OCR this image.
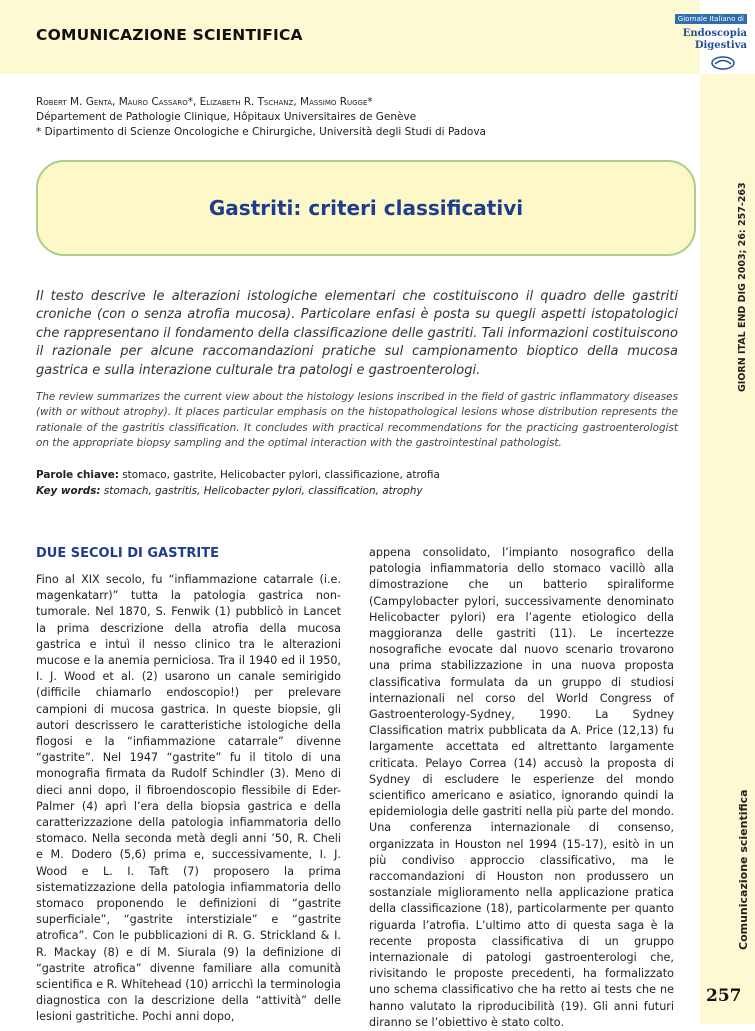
COMUNICAZIONE SCIENTIFICA
Giornale Italiano di
Endoscopia
Digestiva
GIORN ITAL END DIG 2003; 26: 257-263
Comunicazione scientifica
257
Robert M. Genta, Mauro Cassaro*, Elizabeth R. Tschanz, Massimo Rugge*
Département de Pathologie Clinique, Hôpitaux Universitaires de Genève
* Dipartimento di Scienze Oncologiche e Chirurgiche, Università degli Studi di Padova
Gastriti: criteri classificativi

Il testo descrive le alterazioni istologiche elementari che costituiscono il quadro delle gastriti croniche (con o senza atrofia mucosa). Particolare enfasi è posta su quegli aspetti istopatologici che rappresentano il fondamento della classificazione delle gastriti. Tali informazioni costituiscono il razionale per alcune raccomandazioni pratiche sul campionamento bioptico della mucosa gastrica e sulla interazione culturale tra patologi e gastroenterologi.

The review summarizes the current view about the histology lesions inscribed in the field of gastric inflammatory diseases (with or without atrophy). It places particular emphasis on the histopathological lesions whose distribution represents the rationale of the gastritis classification. It concludes with practical recommendations for the practicing gastroenterologist on the appropriate biopsy sampling and the optimal interaction with the gastrointestinal pathologist.

Parole chiave: stomaco, gastrite, Helicobacter pylori, classificazione, atrofia
Key words: stomach, gastritis, Helicobacter pylori, classification, atrophy
DUE SECOLI DI GASTRITE

Fino al XIX secolo, fu “infiammazione catarrale (i.e. magenkatarr)” tutta la patologia gastrica non-tumorale. Nel 1870, S. Fenwik (1) pubblicò in Lancet la prima descrizione della atrofia della mucosa gastrica e intuì il nesso clinico tra le alterazioni mucose e la anemia perniciosa. Tra il 1940 ed il 1950, I. J. Wood et al. (2) usarono un canale semirigido (difficile chiamarlo endoscopio!) per prelevare campioni di mucosa gastrica. In queste biopsie, gli autori descrissero le caratteristiche istologiche della flogosi e la “infiammazione catarrale” divenne “gastrite”. Nel 1947 “gastrite” fu il titolo di una monografia firmata da Rudolf Schindler (3). Meno di dieci anni dopo, il fibroendoscopio flessibile di Eder-Palmer (4) aprì l’era della biopsia gastrica e della caratterizzazione della patologia infiammatoria dello stomaco. Nella seconda metà degli anni ’50, R. Cheli e M. Dodero (5,6) prima e, successivamente, I. J. Wood e L. I. Taft (7) proposero la prima sistematizzazione della patologia infiammatoria dello stomaco proponendo le definizioni di “gastrite superficiale”, “gastrite interstiziale” e “gastrite atrofica”. Con le pubblicazioni di R. G. Strickland & I. R. Mackay (8) e di M. Siurala (9) la definizione di “gastrite atrofica” divenne familiare alla comunità scientifica e R. Whitehead (10) arricchì la terminologia diagnostica con la descrizione della “attività” delle lesioni gastritiche. Pochi anni dopo,

appena consolidato, l’impianto nosografico della patologia infiammatoria dello stomaco vacillò alla dimostrazione che un batterio spiraliforme (Campylobacter pylori, successivamente denominato Helicobacter pylori) era l’agente etiologico della maggioranza delle gastriti (11). Le incertezze nosografiche evocate dal nuovo scenario trovarono una prima stabilizzazione in una nuova proposta classificativa formulata da un gruppo di studiosi internazionali nel corso del World Congress of Gastroenterology-Sydney, 1990. La Sydney Classification matrix pubblicata da A. Price (12,13) fu largamente accettata ed altrettanto largamente criticata. Pelayo Correa (14) accusò la proposta di Sydney di escludere le esperienze del mondo scientifico americano e asiatico, ignorando quindi la epidemiologia delle gastriti nella più parte del mondo. Una conferenza internazionale di consenso, organizzata in Houston nel 1994 (15-17), esitò in un più condiviso approccio classificativo, ma le raccomandazioni di Houston non produssero un sostanziale miglioramento nella applicazione pratica della classificazione (18), particolarmente per quanto riguarda l’atrofia. L’ultimo atto di questa saga è la recente proposta classificativa di un gruppo internazionale di patologi gastroenterologi che, rivisitando le proposte precedenti, ha formalizzato uno schema classificativo che ha retto ai tests che ne hanno valutato la riproducibilità (19). Gli anni futuri diranno se l’obiettivo è stato colto.
